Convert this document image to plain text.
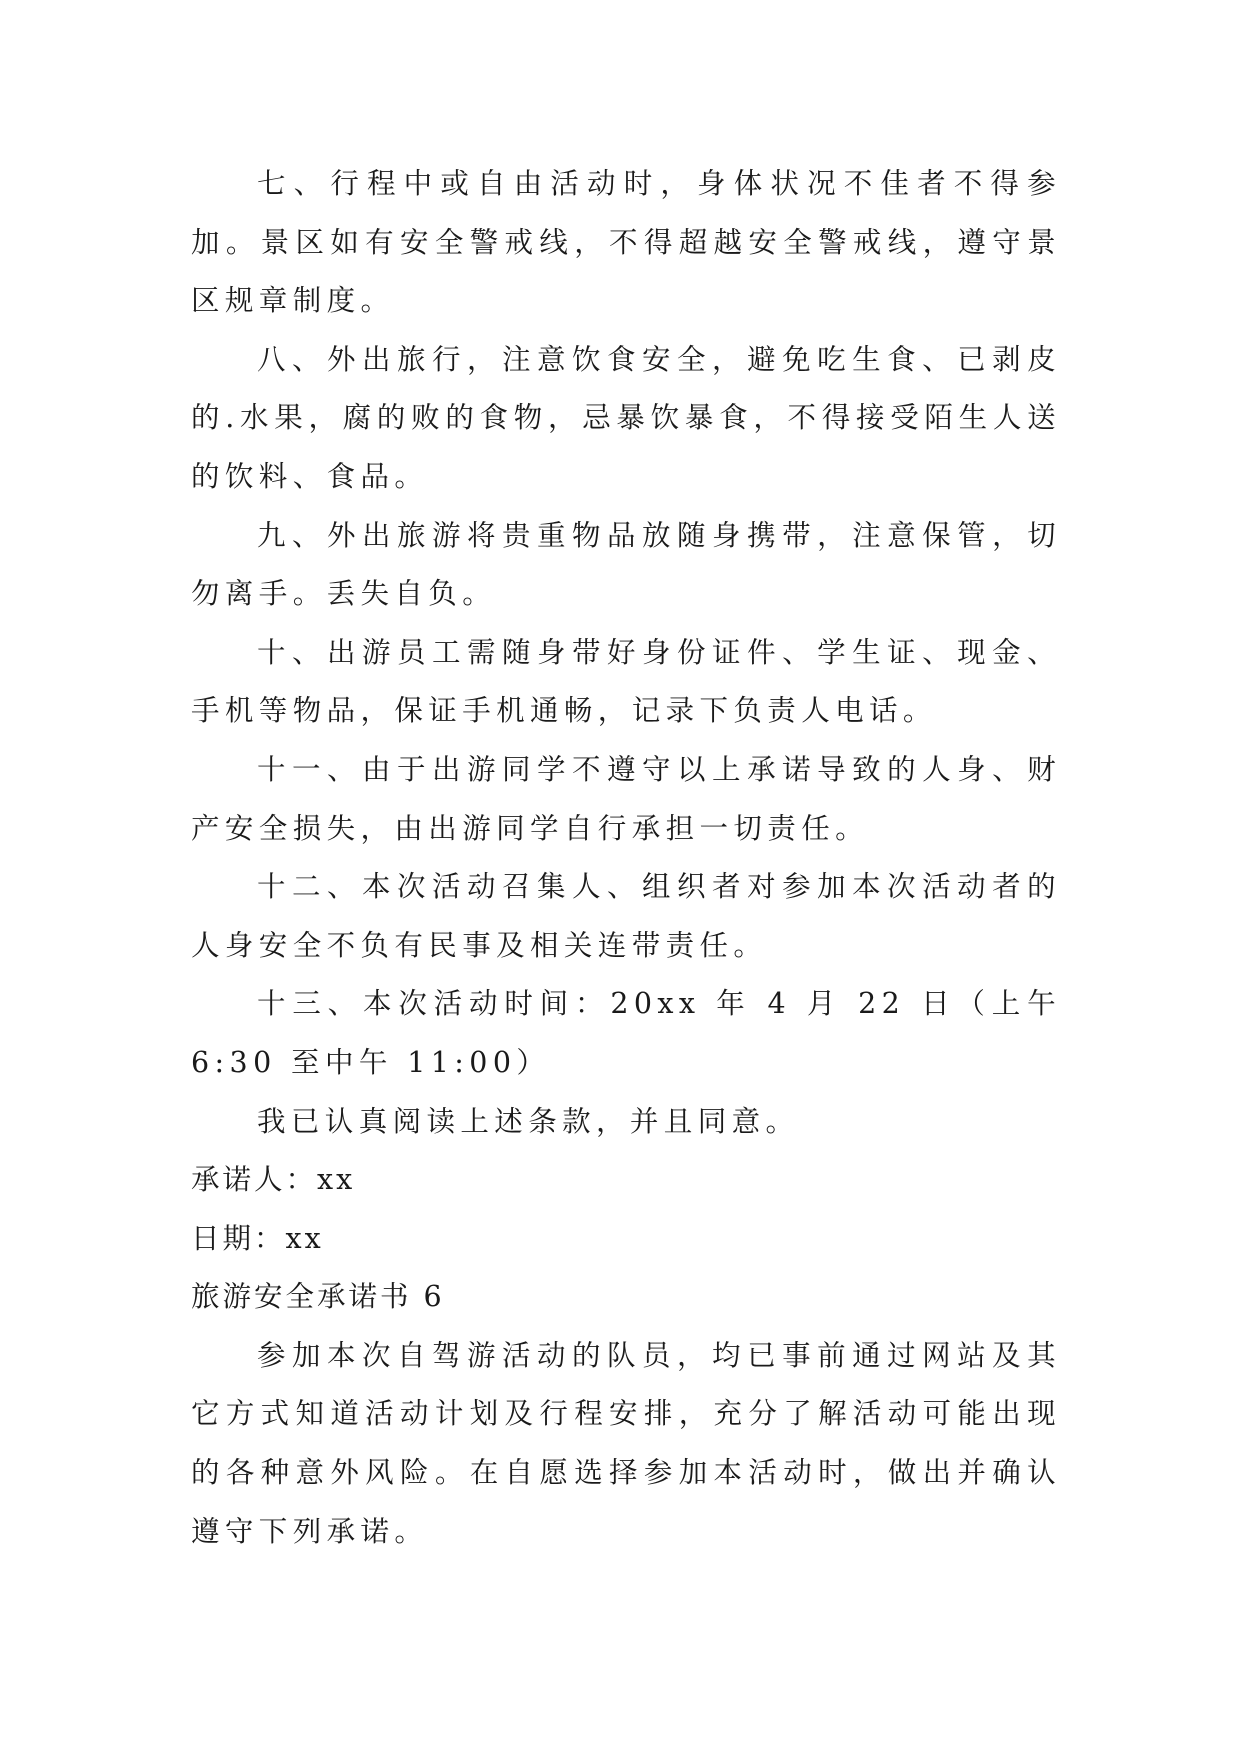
七、行程中或自由活动时，身体状况不佳者不得参加。景区如有安全警戒线，不得超越安全警戒线，遵守景区规章制度。

八、外出旅行，注意饮食安全，避免吃生食、已剥皮的.水果，腐的败的食物，忌暴饮暴食，不得接受陌生人送的饮料、食品。

九、外出旅游将贵重物品放随身携带，注意保管，切勿离手。丢失自负。

十、出游员工需随身带好身份证件、学生证、现金、手机等物品，保证手机通畅，记录下负责人电话。

十一、由于出游同学不遵守以上承诺导致的人身、财产安全损失，由出游同学自行承担一切责任。

十二、本次活动召集人、组织者对参加本次活动者的人身安全不负有民事及相关连带责任。

十三、本次活动时间：20xx 年 4 月 22 日（上午 6:30 至中午 11:00）

我已认真阅读上述条款，并且同意。

承诺人：xx

日期：xx

旅游安全承诺书 6

参加本次自驾游活动的队员，均已事前通过网站及其它方式知道活动计划及行程安排，充分了解活动可能出现的各种意外风险。在自愿选择参加本活动时，做出并确认遵守下列承诺。
